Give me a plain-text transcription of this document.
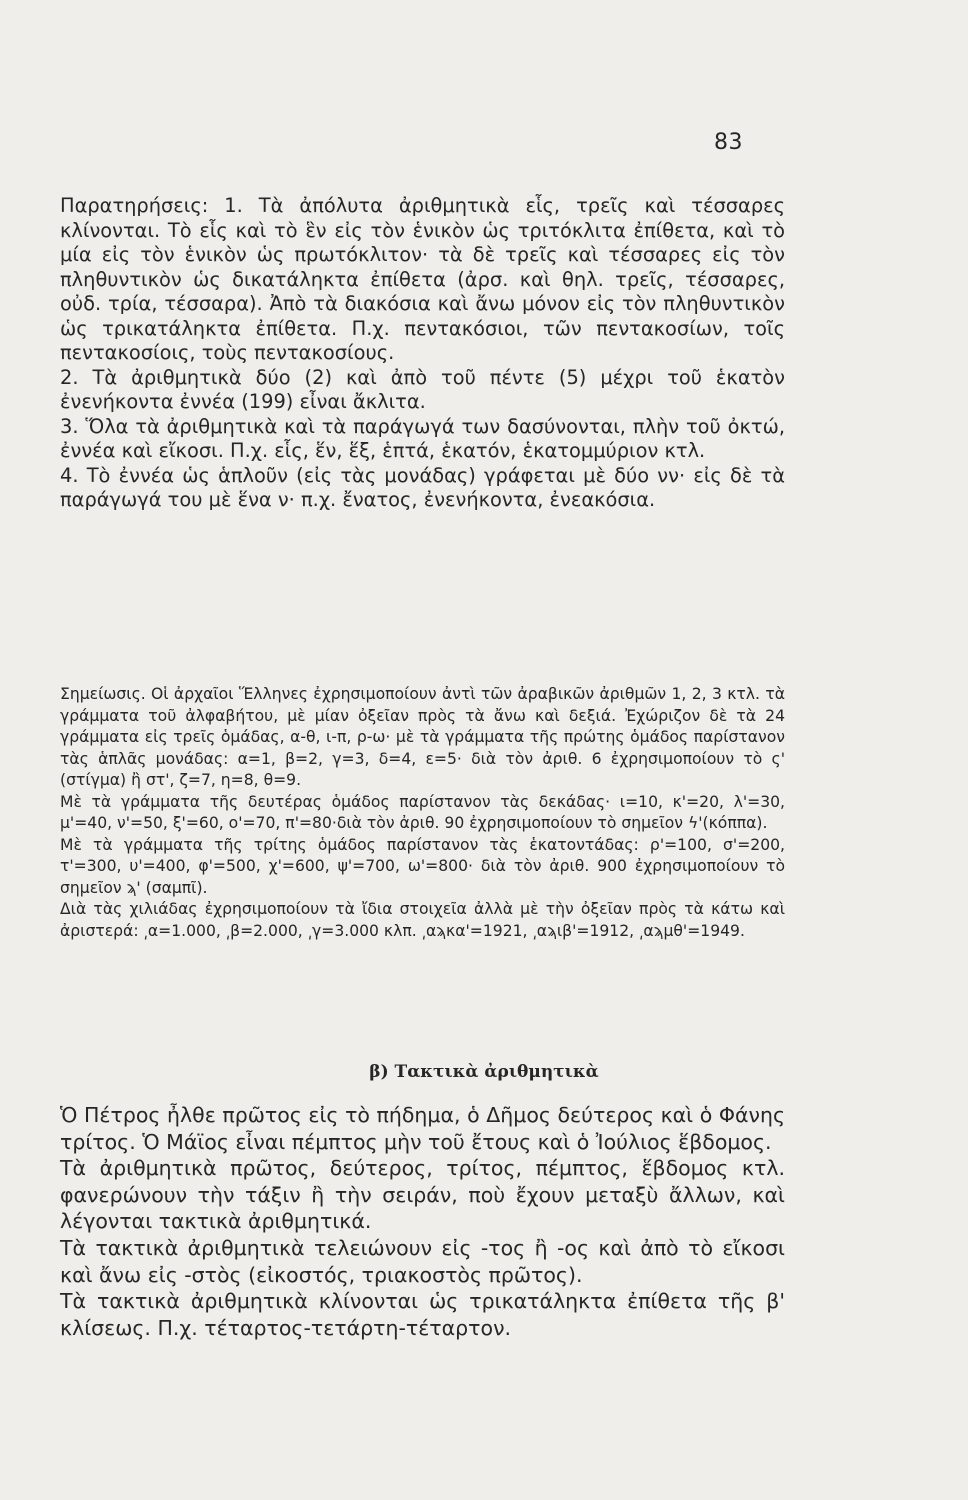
83

Παρατηρήσεις: 1. Τὰ ἀπόλυτα ἀριθμητικὰ εἷς, τρεῖς καὶ τέσσαρες κλίνονται. Τὸ εἷς καὶ τὸ ἓν εἰς τὸν ἑνικὸν ὡς τριτόκλιτα ἐπίθετα, καὶ τὸ μία εἰς τὸν ἑνικὸν ὡς πρωτόκλιτον· τὰ δὲ τρεῖς καὶ τέσσαρες εἰς τὸν πληθυντικὸν ὡς δικατάληκτα ἐπίθετα (ἀρσ. καὶ θηλ. τρεῖς, τέσσαρες, οὐδ. τρία, τέσσαρα). Ἀπὸ τὰ διακόσια καὶ ἄνω μόνον εἰς τὸν πληθυντικὸν ὡς τρικατάληκτα ἐπίθετα. Π.χ. πεντακόσιοι, τῶν πεντακοσίων, τοῖς πεντακοσίοις, τοὺς πεντακοσίους.

2. Τὰ ἀριθμητικὰ δύο (2) καὶ ἀπὸ τοῦ πέντε (5) μέχρι τοῦ ἑκατὸν ἐνενήκοντα ἐννέα (199) εἶναι ἄκλιτα.

3. Ὅλα τὰ ἀριθμητικὰ καὶ τὰ παράγωγά των δασύνονται, πλὴν τοῦ ὀκτώ, ἐννέα καὶ εἴκοσι. Π.χ. εἷς, ἕν, ἕξ, ἑπτά, ἑκατόν, ἑκατομμύριον κτλ.

4. Τὸ ἐννέα ὡς ἁπλοῦν (εἰς τὰς μονάδας) γράφεται μὲ δύο νν· εἰς δὲ τὰ παράγωγά του μὲ ἕνα ν· π.χ. ἔνατος, ἐνενήκοντα, ἐνεακόσια.

Σημείωσις. Οἱ ἀρχαῖοι Ἕλληνες ἐχρησιμοποίουν ἀντὶ τῶν ἀραβικῶν ἀριθμῶν 1, 2, 3 κτλ. τὰ γράμματα τοῦ ἀλφαβήτου, μὲ μίαν ὀξεῖαν πρὸς τὰ ἄνω καὶ δεξιά. Ἐχώριζον δὲ τὰ 24 γράμματα εἰς τρεῖς ὁμάδας, α-θ, ι-π, ρ-ω· μὲ τὰ γράμματα τῆς πρώτης ὁμάδος παρίστανον τὰς ἁπλᾶς μονάδας: α=1, β=2, γ=3, δ=4, ε=5· διὰ τὸν ἀριθ. 6 ἐχρησιμοποίουν τὸ ς' (στίγμα) ἢ στ', ζ=7, η=8, θ=9.

Μὲ τὰ γράμματα τῆς δευτέρας ὁμάδος παρίστανον τὰς δεκάδας· ι=10, κ'=20, λ'=30, μ'=40, ν'=50, ξ'=60, ο'=70, π'=80·διὰ τὸν ἀριθ. 90 ἐχρησιμοποίουν τὸ σημεῖον ϟ'(κόππα).

Μὲ τὰ γράμματα τῆς τρίτης ὁμάδος παρίστανον τὰς ἑκατοντάδας: ρ'=100, σ'=200, τ'=300, υ'=400, φ'=500, χ'=600, ψ'=700, ω'=800· διὰ τὸν ἀριθ. 900 ἐχρησιμοποίουν τὸ σημεῖον ϡ' (σαμπῖ).

Διὰ τὰς χιλιάδας ἐχρησιμοποίουν τὰ ἴδια στοιχεῖα ἀλλὰ μὲ τὴν ὀξεῖαν πρὸς τὰ κάτω καὶ ἀριστερά: ͵α=1.000, ͵β=2.000, ͵γ=3.000 κλπ. ͵αϡκα'=1921, ͵αϡιβ'=1912, ͵αϡμθ'=1949.

β) Τακτικὰ ἀριθμητικὰ

Ὁ Πέτρος ἦλθε πρῶτος εἰς τὸ πήδημα, ὁ Δῆμος δεύτερος καὶ ὁ Φάνης τρίτος. Ὁ Μάϊος εἶναι πέμπτος μὴν τοῦ ἔτους καὶ ὁ Ἰούλιος ἕβδομος.

Τὰ ἀριθμητικὰ πρῶτος, δεύτερος, τρίτος, πέμπτος, ἕβδομος κτλ. φανερώνουν τὴν τάξιν ἢ τὴν σειράν, ποὺ ἔχουν μεταξὺ ἄλλων, καὶ λέγονται τακτικὰ ἀριθμητικά.

Τὰ τακτικὰ ἀριθμητικὰ τελειώνουν εἰς -τος ἢ -ος καὶ ἀπὸ τὸ εἴκοσι καὶ ἄνω εἰς -στὸς (εἰκοστός, τριακοστὸς πρῶτος).

Τὰ τακτικὰ ἀριθμητικὰ κλίνονται ὡς τρικατάληκτα ἐπίθετα τῆς β' κλίσεως. Π.χ. τέταρτος-τετάρτη-τέταρτον.
